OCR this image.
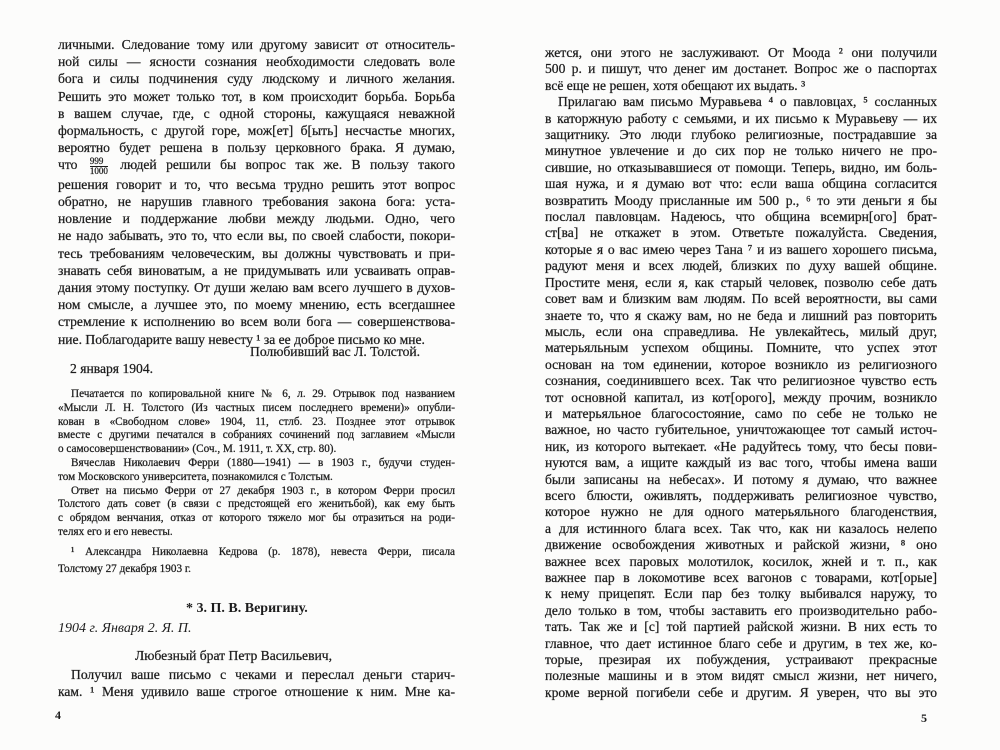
личными. Следование тому или другому зависит от относитель-
ной силы — ясности сознания необходимости следовать воле
бога и силы подчинения суду людскому и личного желания.
Решить это может только тот, в ком происходит борьба. Борьба
в вашем случае, где, с одной стороны, кажущаяся неважной
формальность, с другой горе, мож[ет] б[ыть] несчастье многих,
вероятно будет решена в пользу церковного брака. Я думаю,
что $\frac{999}{1000}$ людей решили бы вопрос так же. В пользу такого
решения говорит и то, что весьма трудно решить этот вопрос
обратно, не нарушив главного требования закона бога: уста-
новление и поддержание любви между людьми. Одно, чего
не надо забывать, это то, что если вы, по своей слабости, покори-
тесь требованиям человеческим, вы должны чувствовать и при-
знавать себя виноватым, а не придумывать или усваивать оправ-
дания этому поступку. От души желаю вам всего лучшего в духов-
ном смысле, а лучшее это, по моему мнению, есть всегдашнее
стремление к исполнению во всем воли бога — совершенствова-
ние. Поблагодарите вашу невесту ¹ за ее доброе письмо ко мне.
Полюбивший вас Л. Толстой.
2 января 1904.
Печатается по копировальной книге № 6, л. 29. Отрывок под названием
«Мысли Л. Н. Толстого (Из частных писем последнего времени)» опубли-
кован в «Свободном слове» 1904, 11, стлб. 23. Позднее этот отрывок
вместе с другими печатался в собраниях сочинений под заглавием «Мысли
о самосовершенствовании» (Соч., М. 1911, т. XX, стр. 80).
Вячеслав Николаевич Ферри (1880—1941) — в 1903 г., будучи студен-
том Московского университета, познакомился с Толстым.
Ответ на письмо Ферри от 27 декабря 1903 г., в котором Ферри просил
Толстого дать совет (в связи с предстоящей его женитьбой), как ему быть
с обрядом венчания, отказ от которого тяжело мог бы отразиться на роди-
телях его и его невесты.
¹ Александра Николаевна Кедрова (р. 1878), невеста Ферри, писала
Толстому 27 декабря 1903 г.
* 3. П. В. Веригину.
1904 г. Января 2. Я. П.
Любезный брат Петр Васильевич,
Получил ваше письмо с чеками и переслал деньги старич-
кам. ¹ Меня удивило ваше строгое отношение к ним. Мне ка-
4
жется, они этого не заслуживают. От Моода ² они получили
500 р. и пишут, что денег им достанет. Вопрос же о паспортах
всё еще не решен, хотя обещают их выдать. ³
Прилагаю вам письмо Муравьева ⁴ о павловцах, ⁵ сосланных
в каторжную работу с семьями, и их письмо к Муравьеву — их
защитнику. Это люди глубоко религиозные, пострадавшие за
минутное увлечение и до сих пор не только ничего не про-
сившие, но отказывавшиеся от помощи. Теперь, видно, им боль-
шая нужа, и я думаю вот что: если ваша община согласится
возвратить Мооду присланные им 500 р., ⁶ то эти деньги я бы
послал павловцам. Надеюсь, что община всемирн[ого] брат-
ст[ва] не откажет в этом. Ответьте пожалуйста. Сведения,
которые я о вас имею через Тана ⁷ и из вашего хорошего письма,
радуют меня и всех людей, близких по духу вашей общине.
Простите меня, если я, как старый человек, позволю себе дать
совет вам и близким вам людям. По всей вероятности, вы сами
знаете то, что я скажу вам, но не беда и лишний раз повторить
мысль, если она справедлива. Не увлекайтесь, милый друг,
матерьяльным успехом общины. Помните, что успех этот
основан на том единении, которое возникло из религиозного
сознания, соединившего всех. Так что религиозное чувство есть
тот основной капитал, из кот[орого], между прочим, возникло
и матерьяльное благосостояние, само по себе не только не
важное, но часто губительное, уничтожающее тот самый источ-
ник, из которого вытекает. «Не радуйтесь тому, что бесы пови-
нуются вам, а ищите каждый из вас того, чтобы имена ваши
были записаны на небесах». И потому я думаю, что важнее
всего блюсти, оживлять, поддерживать религиозное чувство,
которое нужно не для одного матерьяльного благоденствия,
а для истинного блага всех. Так что, как ни казалось нелепо
движение освобождения животных и райской жизни, ⁸ оно
важнее всех паровых молотилок, косилок, жней и т. п., как
важнее пар в локомотиве всех вагонов с товарами, кот[орые]
к нему прицепят. Если пар без толку выбивался наружу, то
дело только в том, чтобы заставить его производительно рабо-
тать. Так же и [с] той партией райской жизни. В них есть то
главное, что дает истинное благо себе и другим, в тех же, ко-
торые, презирая их побуждения, устраивают прекрасные
полезные машины и в этом видят смысл жизни, нет ничего,
кроме верной погибели себе и другим. Я уверен, что вы это
5
